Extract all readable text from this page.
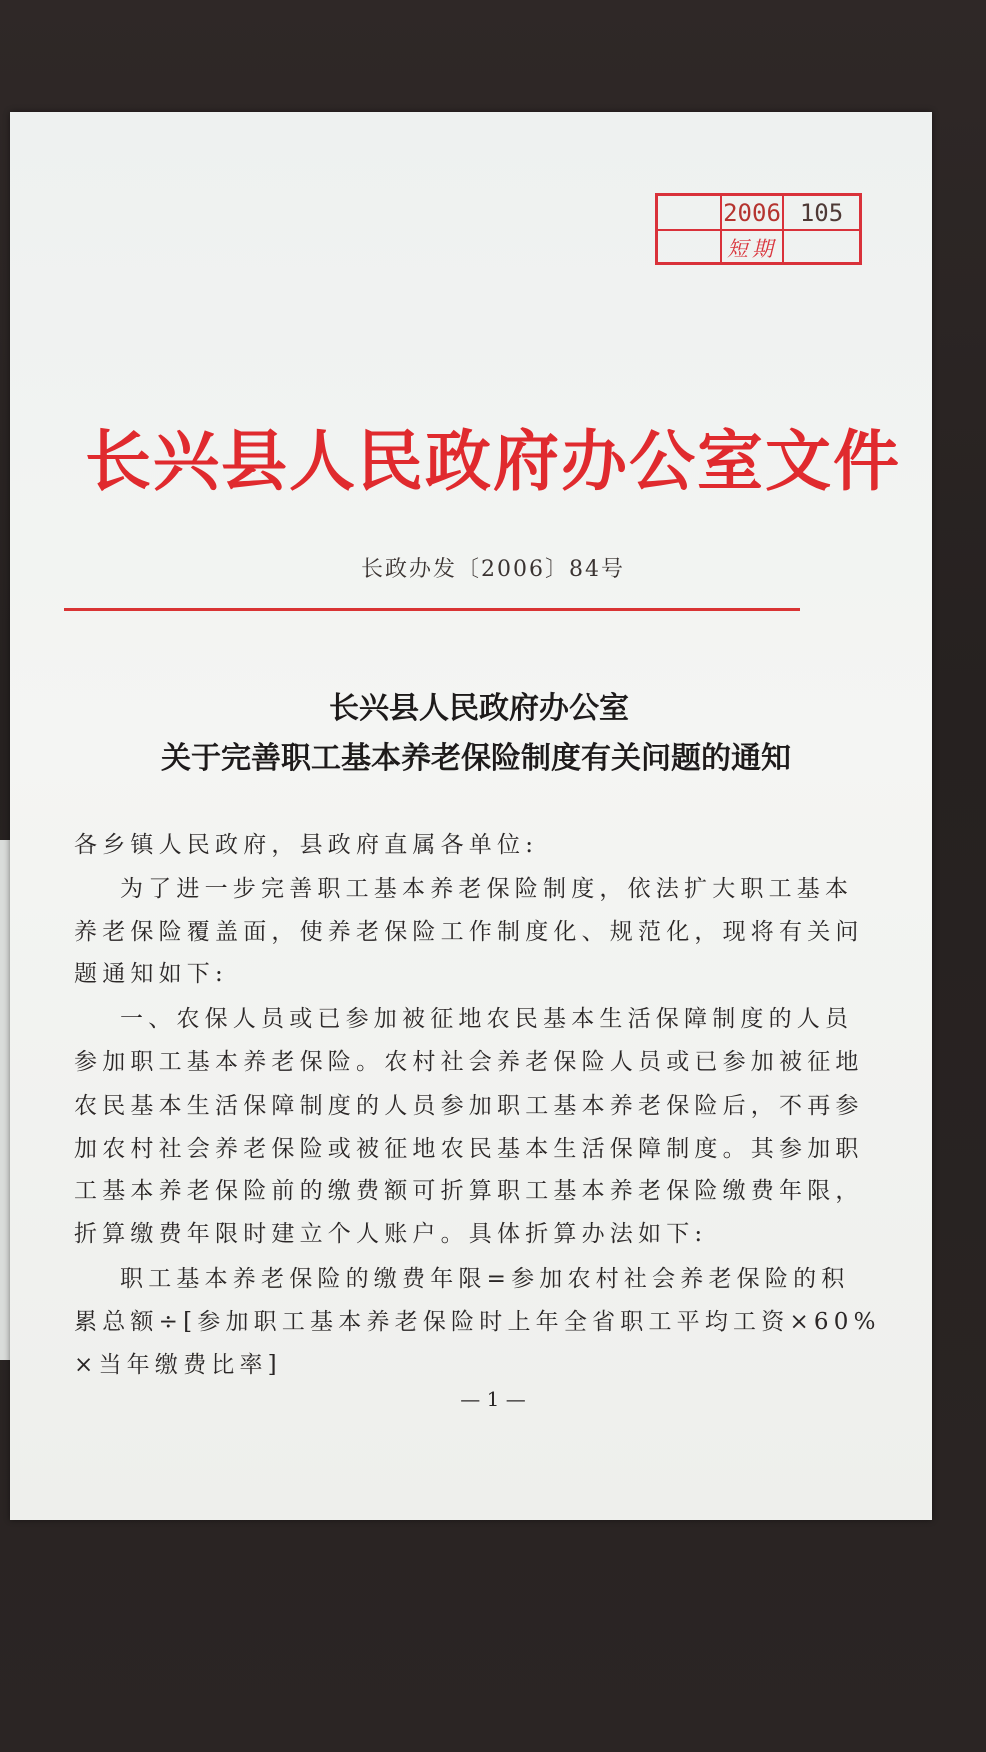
2006 105
短期
长兴县人民政府办公室文件
长政办发〔2006〕84号
长兴县人民政府办公室
关于完善职工基本养老保险制度有关问题的通知

各乡镇人民政府，县政府直属各单位:

为了进一步完善职工基本养老保险制度，依法扩大职工基本

养老保险覆盖面，使养老保险工作制度化、规范化，现将有关问

题通知如下:

一、农保人员或已参加被征地农民基本生活保障制度的人员

参加职工基本养老保险。农村社会养老保险人员或已参加被征地

农民基本生活保障制度的人员参加职工基本养老保险后，不再参

加农村社会养老保险或被征地农民基本生活保障制度。其参加职

工基本养老保险前的缴费额可折算职工基本养老保险缴费年限，

折算缴费年限时建立个人账户。具体折算办法如下:

职工基本养老保险的缴费年限=参加农村社会养老保险的积

累总额÷[参加职工基本养老保险时上年全省职工平均工资×60%

×当年缴费比率]

— 1 —
